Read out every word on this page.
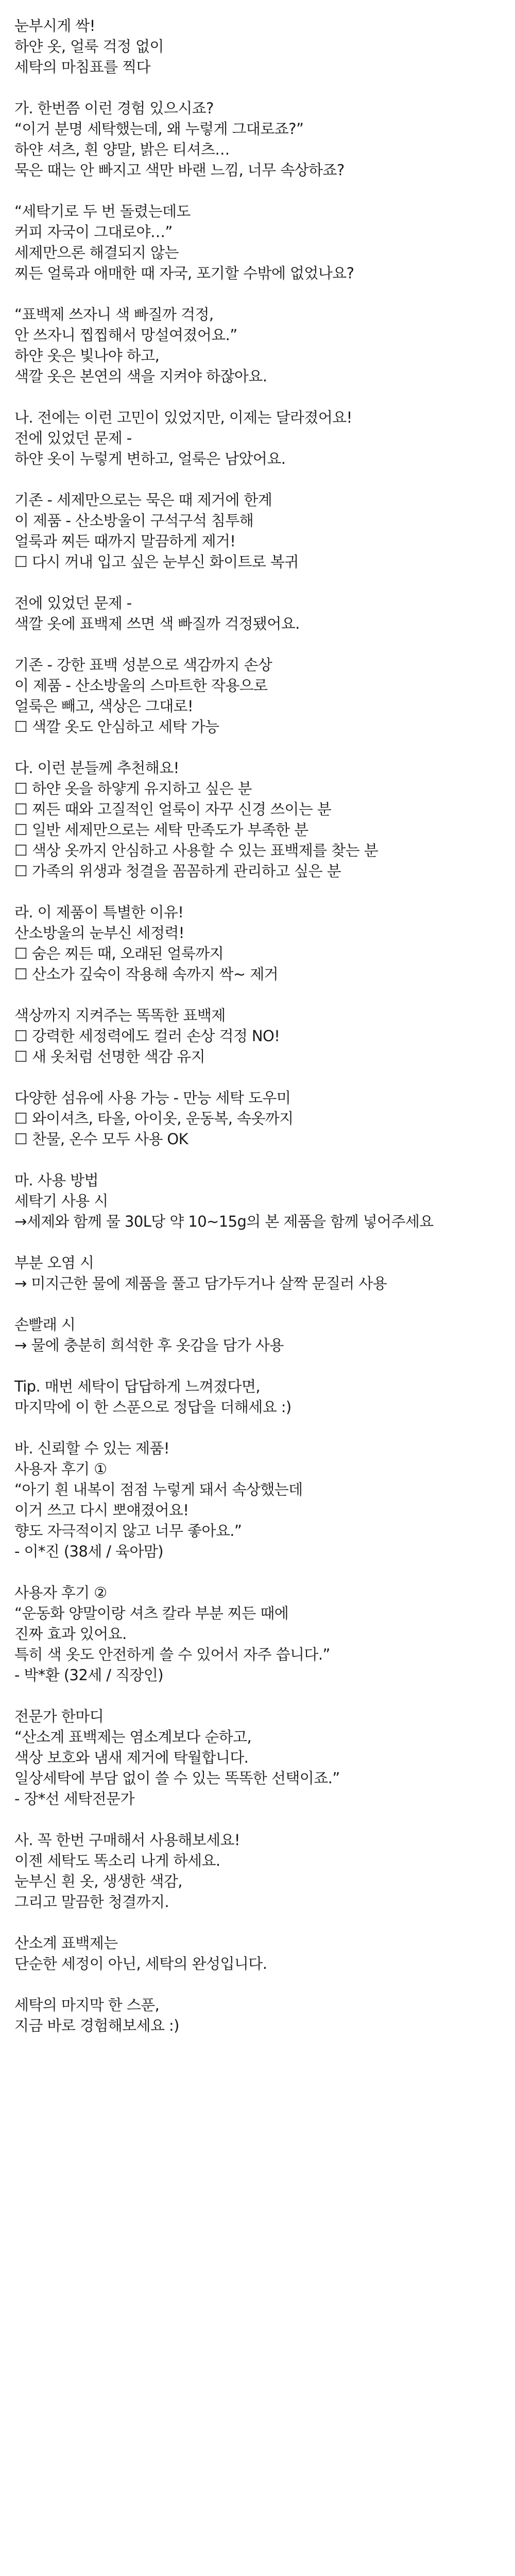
눈부시게 싹!
하얀 옷, 얼룩 걱정 없이
세탁의 마침표를 찍다
가. 한번쯤 이런 경험 있으시죠?
“이거 분명 세탁했는데, 왜 누렇게 그대로죠?”
하얀 셔츠, 흰 양말, 밝은 티셔츠…
묵은 때는 안 빠지고 색만 바랜 느낌, 너무 속상하죠?
“세탁기로 두 번 돌렸는데도
커피 자국이 그대로야…”
세제만으론 해결되지 않는
찌든 얼룩과 애매한 때 자국, 포기할 수밖에 없었나요?
“표백제 쓰자니 색 빠질까 걱정,
안 쓰자니 찝찝해서 망설여졌어요.”
하얀 옷은 빛나야 하고,
색깔 옷은 본연의 색을 지켜야 하잖아요.
나. 전에는 이런 고민이 있었지만, 이제는 달라졌어요!
전에 있었던 문제 -
하얀 옷이 누렇게 변하고, 얼룩은 남았어요.
기존 - 세제만으로는 묵은 때 제거에 한계
이 제품 - 산소방울이 구석구석 침투해
얼룩과 찌든 때까지 말끔하게 제거!
☐ 다시 꺼내 입고 싶은 눈부신 화이트로 복귀
전에 있었던 문제 -
색깔 옷에 표백제 쓰면 색 빠질까 걱정됐어요.
기존 - 강한 표백 성분으로 색감까지 손상
이 제품 - 산소방울의 스마트한 작용으로
얼룩은 빼고, 색상은 그대로!
☐ 색깔 옷도 안심하고 세탁 가능
다. 이런 분들께 추천해요!
☐ 하얀 옷을 하얗게 유지하고 싶은 분
☐ 찌든 때와 고질적인 얼룩이 자꾸 신경 쓰이는 분
☐ 일반 세제만으로는 세탁 만족도가 부족한 분
☐ 색상 옷까지 안심하고 사용할 수 있는 표백제를 찾는 분
☐ 가족의 위생과 청결을 꼼꼼하게 관리하고 싶은 분
라. 이 제품이 특별한 이유!
산소방울의 눈부신 세정력!
☐ 숨은 찌든 때, 오래된 얼룩까지
☐ 산소가 깊숙이 작용해 속까지 싹~ 제거
색상까지 지켜주는 똑똑한 표백제
☐ 강력한 세정력에도 컬러 손상 걱정 NO!
☐ 새 옷처럼 선명한 색감 유지
다양한 섬유에 사용 가능 - 만능 세탁 도우미
☐ 와이셔츠, 타올, 아이옷, 운동복, 속옷까지
☐ 찬물, 온수 모두 사용 OK
마. 사용 방법
세탁기 사용 시
→세제와 함께 물 30L당 약 10~15g의 본 제품을 함께 넣어주세요
부분 오염 시
→ 미지근한 물에 제품을 풀고 담가두거나 살짝 문질러 사용
손빨래 시
→ 물에 충분히 희석한 후 옷감을 담가 사용
Tip. 매번 세탁이 답답하게 느껴졌다면,
마지막에 이 한 스푼으로 정답을 더해세요 :)
바. 신뢰할 수 있는 제품!
사용자 후기 ①
“아기 흰 내복이 점점 누렇게 돼서 속상했는데
이거 쓰고 다시 뽀얘졌어요!
향도 자극적이지 않고 너무 좋아요.”
- 이*진 (38세 / 육아맘)
사용자 후기 ②
“운동화 양말이랑 셔츠 칼라 부분 찌든 때에
진짜 효과 있어요.
특히 색 옷도 안전하게 쓸 수 있어서 자주 씁니다.”
- 박*환 (32세 / 직장인)
전문가 한마디
“산소계 표백제는 염소계보다 순하고,
색상 보호와 냄새 제거에 탁월합니다.
일상세탁에 부담 없이 쓸 수 있는 똑똑한 선택이죠.”
- 장*선 세탁전문가
사. 꼭 한번 구매해서 사용해보세요!
이젠 세탁도 똑소리 나게 하세요.
눈부신 흰 옷, 생생한 색감,
그리고 말끔한 청결까지.
산소계 표백제는
단순한 세정이 아닌, 세탁의 완성입니다.
세탁의 마지막 한 스푼,
지금 바로 경험해보세요 :)
